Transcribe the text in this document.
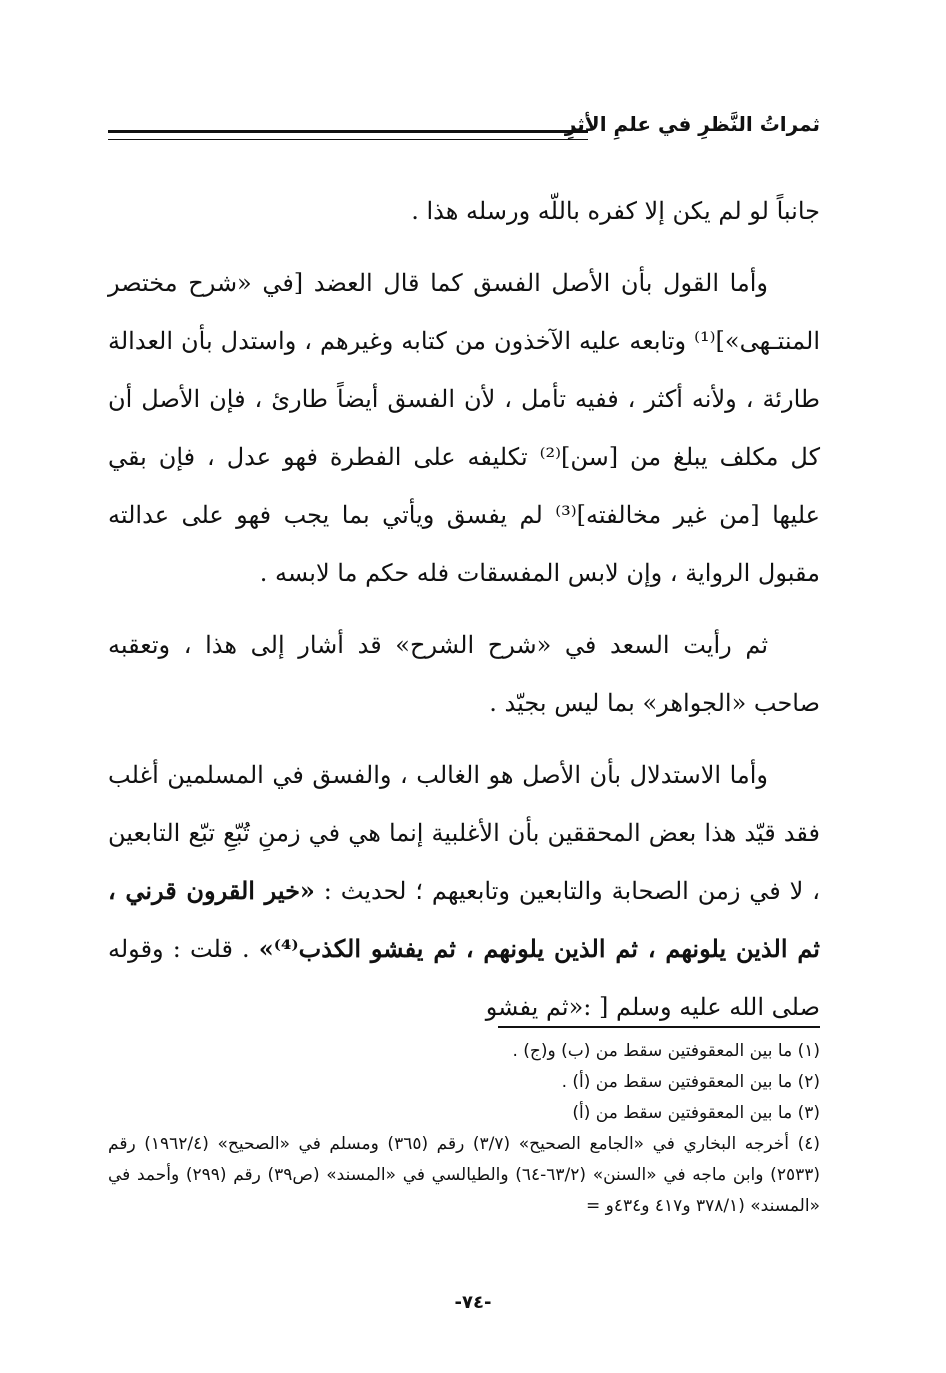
ثمراتُ النَّظرِ في علمِ الأثرِ

جانباً لو لم يكن إلا كفره باللّه ورسله هذا .

وأما القول بأن الأصل الفسق كما قال العضد [في «شرح مختصر المنتـهى»]⁽¹⁾ وتابعه عليه الآخذون من كتابه وغيرهم ، واستدل بأن العدالة طارئة ، ولأنه أكثر ، ففيه تأمل ، لأن الفسق أيضاً طارئ ، فإن الأصل أن كل مكلف يبلغ من [سن]⁽²⁾ تكليفه على الفطرة فهو عدل ، فإن بقي عليها [من غير مخالفته]⁽³⁾ لم يفسق ويأتي بما يجب فهو على عدالته مقبول الرواية ، وإن لابس المفسقات فله حكم ما لابسه .

ثم رأيت السعد في «شرح الشرح» قد أشار إلى هذا ، وتعقبه صاحب «الجواهر» بما ليس بجيّد .

وأما الاستدلال بأن الأصل هو الغالب ، والفسق في المسلمين أغلب فقد قيّد هذا بعض المحققين بأن الأغلبية إنما هي في زمنِ تُبّعِ تبّع التابعين ، لا في زمن الصحابة والتابعين وتابعيهم ؛ لحديث : «خير القرون قرني ، ثم الذين يلونهم ، ثم الذين يلونهم ، ثم يفشو الكذب⁽⁴⁾» . قلت : وقوله صلى الله عليه وسلم [ :«ثم يفشو

(١) ما بين المعقوفتين سقط من (ب) و(ج) .

(٢) ما بين المعقوفتين سقط من (أ) .

(٣) ما بين المعقوفتين سقط من (أ)

(٤) أخرجه البخاري في «الجامع الصحيح» (٣/٧) رقم (٣٦٥) ومسلم في «الصحيح» (١٩٦٢/٤) رقم (٢٥٣٣) وابن ماجه في «السنن» (٦٣/٢-٦٤) والطيالسي في «المسند» (ص٣٩) رقم (٢٩٩) وأحمد في «المسند» (٣٧٨/١ و٤١٧ و٤٣٤و =

-٧٤-
